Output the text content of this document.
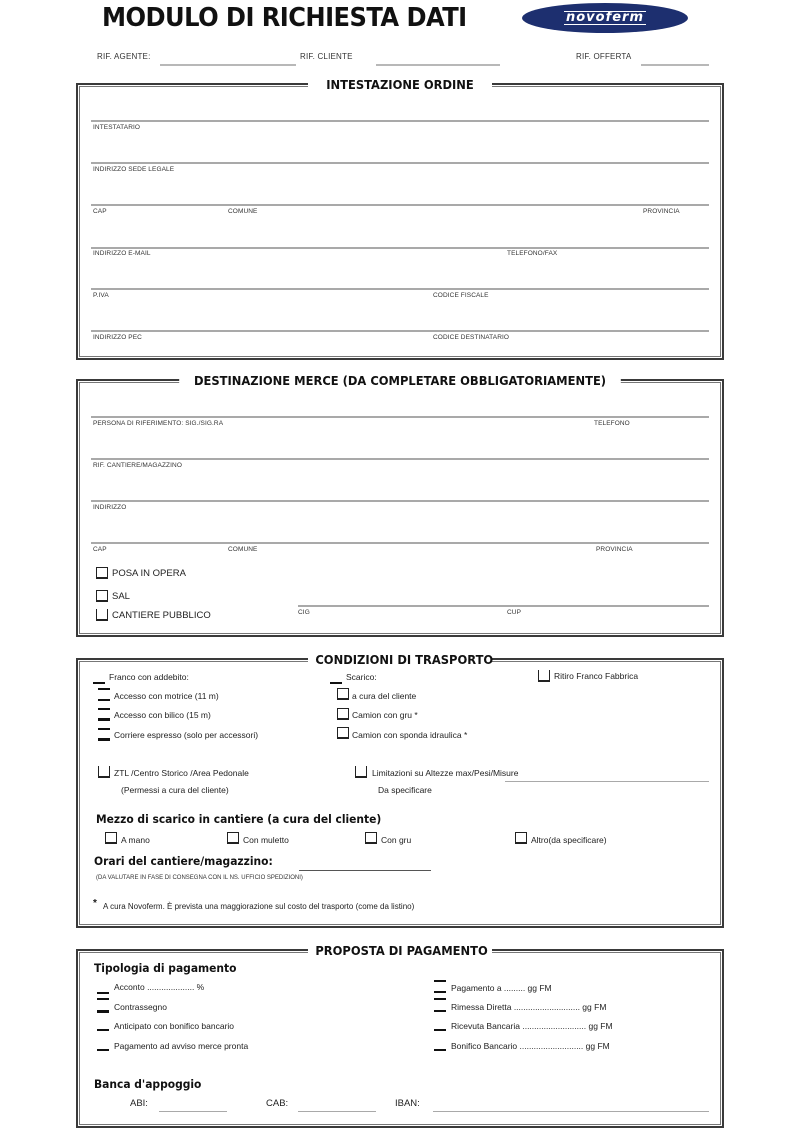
MODULO DI RICHIESTA DATI	novoferm
RIF. AGENTE:	RIF. CLIENTE	RIF. OFFERTA
INTESTAZIONE ORDINE
INTESTATARIO
INDIRIZZO SEDE LEGALE
CAP	COMUNE	PROVINCIA
INDIRIZZO E-MAIL	TELEFONO/FAX
P.IVA	CODICE FISCALE
INDIRIZZO PEC	CODICE DESTINATARIO
DESTINAZIONE MERCE (DA COMPLETARE OBBLIGATORIAMENTE)
PERSONA DI RIFERIMENTO: SIG./SIG.RA	TELEFONO
RIF. CANTIERE/MAGAZZINO
INDIRIZZO
CAP	COMUNE	PROVINCIA
POSA IN OPERA
SAL
CANTIERE PUBBLICO	CIG	CUP
CONDIZIONI DI TRASPORTO
Franco con addebito:
Accesso con motrice (11 m)
Accesso con bilico (15 m)
Corriere espresso (solo per accessori)
Scarico:
a cura del cliente
Camion con gru *
Camion con sponda idraulica *
Ritiro Franco Fabbrica
ZTL /Centro Storico /Area Pedonale
(Permessi a cura del cliente)
Limitazioni su Altezze max/Pesi/Misure
Da specificare
Mezzo di scarico in cantiere (a cura del cliente)
A mano	Con muletto	Con gru	Altro(da specificare)
Orari del cantiere/magazzino:
(DA VALUTARE IN FASE DI CONSEGNA CON IL NS. UFFICIO SPEDIZIONI)
* A cura Novoferm. È prevista una maggiorazione sul costo del trasporto (come da listino)
PROPOSTA DI PAGAMENTO
Tipologia di pagamento
Acconto .................... %
Contrassegno
Anticipato con bonifico bancario
Pagamento ad avviso merce pronta
Pagamento a ......... gg FM
Rimessa Diretta ............................ gg FM
Ricevuta Bancaria ........................... gg FM
Bonifico Bancario ........................... gg FM
Banca d'appoggio
ABI:	CAB:	IBAN:
